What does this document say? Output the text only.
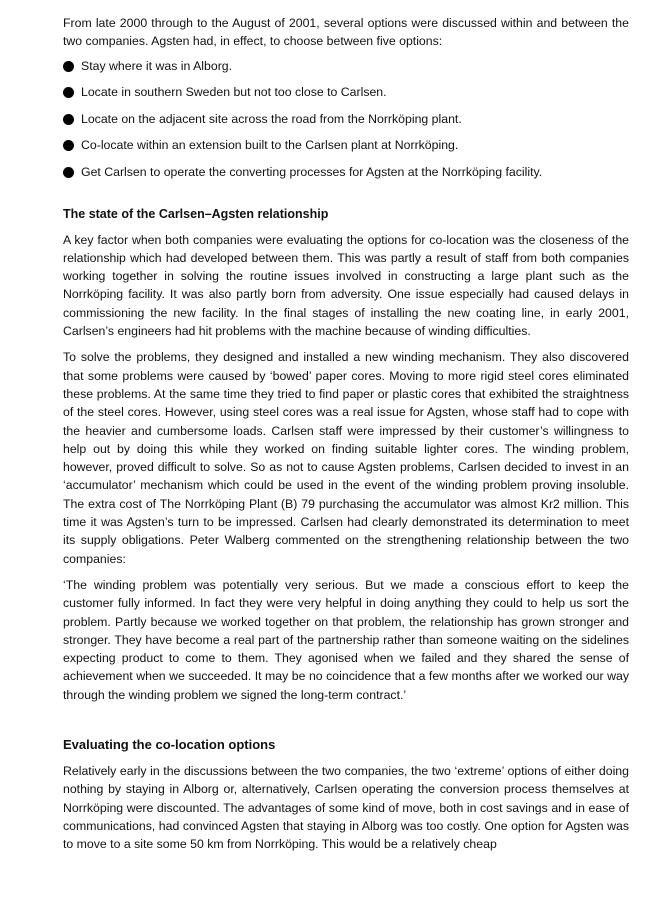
From late 2000 through to the August of 2001, several options were discussed within and between the two companies. Agsten had, in effect, to choose between five options:

Stay where it was in Alborg.
Locate in southern Sweden but not too close to Carlsen.
Locate on the adjacent site across the road from the Norrköping plant.
Co-locate within an extension built to the Carlsen plant at Norrköping.
Get Carlsen to operate the converting processes for Agsten at the Norrköping facility.
The state of the Carlsen–Agsten relationship

A key factor when both companies were evaluating the options for co-location was the closeness of the relationship which had developed between them. This was partly a result of staff from both companies working together in solving the routine issues involved in constructing a large plant such as the Norrköping facility. It was also partly born from adversity. One issue especially had caused delays in commissioning the new facility. In the final stages of installing the new coating line, in early 2001, Carlsen’s engineers had hit problems with the machine because of winding difficulties.

To solve the problems, they designed and installed a new winding mechanism. They also discovered that some problems were caused by ‘bowed’ paper cores. Moving to more rigid steel cores eliminated these problems. At the same time they tried to find paper or plastic cores that exhibited the straightness of the steel cores. However, using steel cores was a real issue for Agsten, whose staff had to cope with the heavier and cumbersome loads. Carlsen staff were impressed by their customer’s willingness to help out by doing this while they worked on finding suitable lighter cores. The winding problem, however, proved difficult to solve. So as not to cause Agsten problems, Carlsen decided to invest in an ‘accumulator’ mechanism which could be used in the event of the winding problem proving insoluble. The extra cost of The Norrköping Plant (B) 79 purchasing the accumulator was almost Kr2 million. This time it was Agsten’s turn to be impressed. Carlsen had clearly demonstrated its determination to meet its supply obligations. Peter Walberg commented on the strengthening relationship between the two companies:

‘The winding problem was potentially very serious. But we made a conscious effort to keep the customer fully informed. In fact they were very helpful in doing anything they could to help us sort the problem. Partly because we worked together on that problem, the relationship has grown stronger and stronger. They have become a real part of the partnership rather than someone waiting on the sidelines expecting product to come to them. They agonised when we failed and they shared the sense of achievement when we succeeded. It may be no coincidence that a few months after we worked our way through the winding problem we signed the long-term contract.’

Evaluating the co-location options

Relatively early in the discussions between the two companies, the two ‘extreme’ options of either doing nothing by staying in Alborg or, alternatively, Carlsen operating the conversion process themselves at Norrköping were discounted. The advantages of some kind of move, both in cost savings and in ease of communications, had convinced Agsten that staying in Alborg was too costly. One option for Agsten was to move to a site some 50 km from Norrköping. This would be a relatively cheap
